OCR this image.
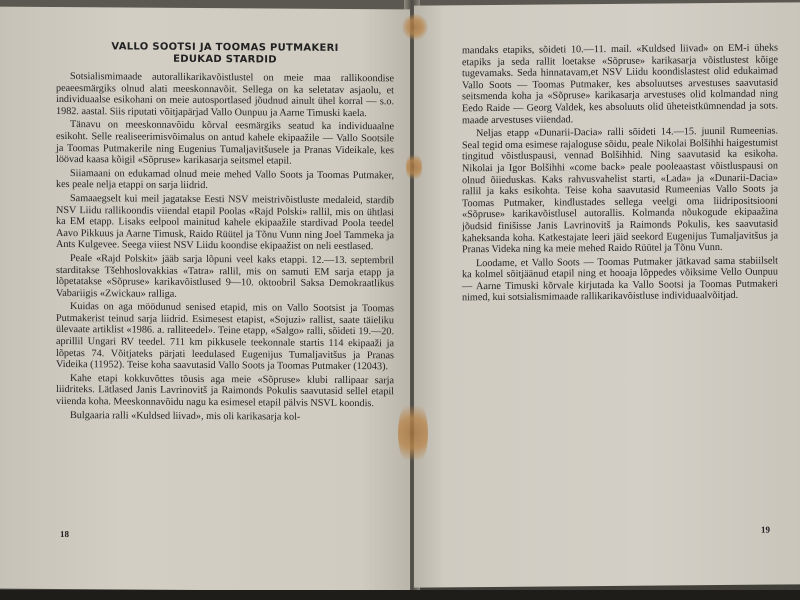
VALLO SOOTSI JA TOOMAS PUTMAKERI
EDUKAD STARDID

Sotsialismimaade autorallikarikavõistlustel on meie maa rallikoondise peaeesmärgiks olnud alati meeskonnavõit. Sellega on ka seletatav asjaolu, et individuaalse esikohani on meie autosportlased jõudnud ainult ühel korral — s.o. 1982. aastal. Siis riputati võitjapärjad Vallo Ounpuu ja Aarne Timuski kaela.

Tänavu on meeskonnavõidu kõrval eesmärgiks seatud ka individuaalne esikoht. Selle realiseerimisvõimalus on antud kahele ekipaažile — Vallo Sootsile ja Toomas Putmakerile ning Eugenius Tumaljavitšusele ja Pranas Videikale, kes löövad kaasa kõigil «Sõpruse» karikasarja seitsmel etapil.

Siiamaani on edukamad olnud meie mehed Vallo Soots ja Toomas Putmaker, kes peale nelja etappi on sarja liidrid.

Samaaegselt kui meil jagatakse Eesti NSV meistrivõistluste medaleid, stardib NSV Liidu rallikoondis viiendal etapil Poolas «Rajd Polski» rallil, mis on ühtlasi ka EM etapp. Lisaks eelpool mainitud kahele ekipaažile stardivad Poola teedel Aavo Pikkuus ja Aarne Timusk, Raido Rüütel ja Tõnu Vunn ning Joel Tammeka ja Ants Kulgevee. Seega viiest NSV Liidu koondise ekipaažist on neli eestlased.

Peale «Rajd Polskit» jääb sarja lõpuni veel kaks etappi. 12.—13. septembril starditakse Tšehhoslovakkias «Tatra» rallil, mis on samuti EM sarja etapp ja lõpetatakse «Sõpruse» karikavõistlused 9—10. oktoobril Saksa Demokraatlikus Vabariigis «Zwickau» ralliga.

Kuidas on aga möödunud senised etapid, mis on Vallo Sootsist ja Toomas Putmakerist teinud sarja liidrid. Esimesest etapist, «Sojuzi» rallist, saate täieliku ülevaate artiklist «1986. a. ralliteedel». Teine etapp, «Salgo» ralli, sõideti 19.—20. aprillil Ungari RV teedel. 711 km pikkusele teekonnale startis 114 ekipaaži ja lõpetas 74. Võitjateks pärjati leedulased Eugenijus Tumaljavitšus ja Pranas Videika (11952). Teise koha saavutasid Vallo Soots ja Toomas Putmaker (12043).

Kahe etapi kokkuvõttes tõusis aga meie «Sõpruse» klubi rallipaar sarja liidriteks. Lätlased Janis Lavrinovitš ja Raimonds Pokulis saavutasid sellel etapil viienda koha. Meeskonnavõidu nagu ka esimesel etapil pälvis NSVL koondis.

Bulgaaria ralli «Kuldsed liivad», mis oli karikasarja kol-

18

mandaks etapiks, sõideti 10.—11. mail. «Kuldsed liivad» on EM-i üheks etapiks ja seda rallit loetakse «Sõpruse» karikasarja võistlustest kõige tugevamaks. Seda hinnatavam,et NSV Liidu koondislastest olid edukaimad Vallo Soots — Toomas Putmaker, kes absoluutses arvestuses saavutasid seitsmenda koha ja «Sõpruse» karikasarja arvestuses olid kolmandad ning Eedo Raide — Georg Valdek, kes absoluuts olid üheteistkümnendad ja sots. maade arvestuses viiendad.

Neljas etapp «Dunarii-Dacia» ralli sõideti 14.—15. juunil Rumeenias. Seal tegid oma esimese rajaloguse sõidu, peale Nikolai Bolšihhi haigestumist tingitud võistluspausi, vennad Bolšihhid. Ning saavutasid ka esikoha. Nikolai ja Igor Bolšihhi «come back» peale pooleaastast võistluspausi on olnud õiieduskas. Kaks rahvusvahelist starti, «Lada» ja «Dunarii-Dacia» rallil ja kaks esikohta. Teise koha saavutasid Rumeenias Vallo Soots ja Toomas Putmaker, kindlustades sellega veelgi oma liidripositsiooni «Sõpruse» karikavõistlusel autorallis. Kolmanda nõukogude ekipaažina jõudsid finišisse Janis Lavrinovitš ja Raimonds Pokulis, kes saavutasid kaheksanda koha. Katkestajate leeri jäid seekord Eugenijus Tumaljavitšus ja Pranas Videka ning ka meie mehed Raido Rüütel ja Tõnu Vunn.

Loodame, et Vallo Soots — Toomas Putmaker jätkavad sama stabiilselt ka kolmel sõitjäänud etapil ning et hooaja lõppedes võiksime Vello Ounpuu — Aarne Timuski kõrvale kirjutada ka Vallo Sootsi ja Toomas Putmakeri nimed, kui sotsialismimaade rallikarikavõistluse individuaalvõitjad.

19
